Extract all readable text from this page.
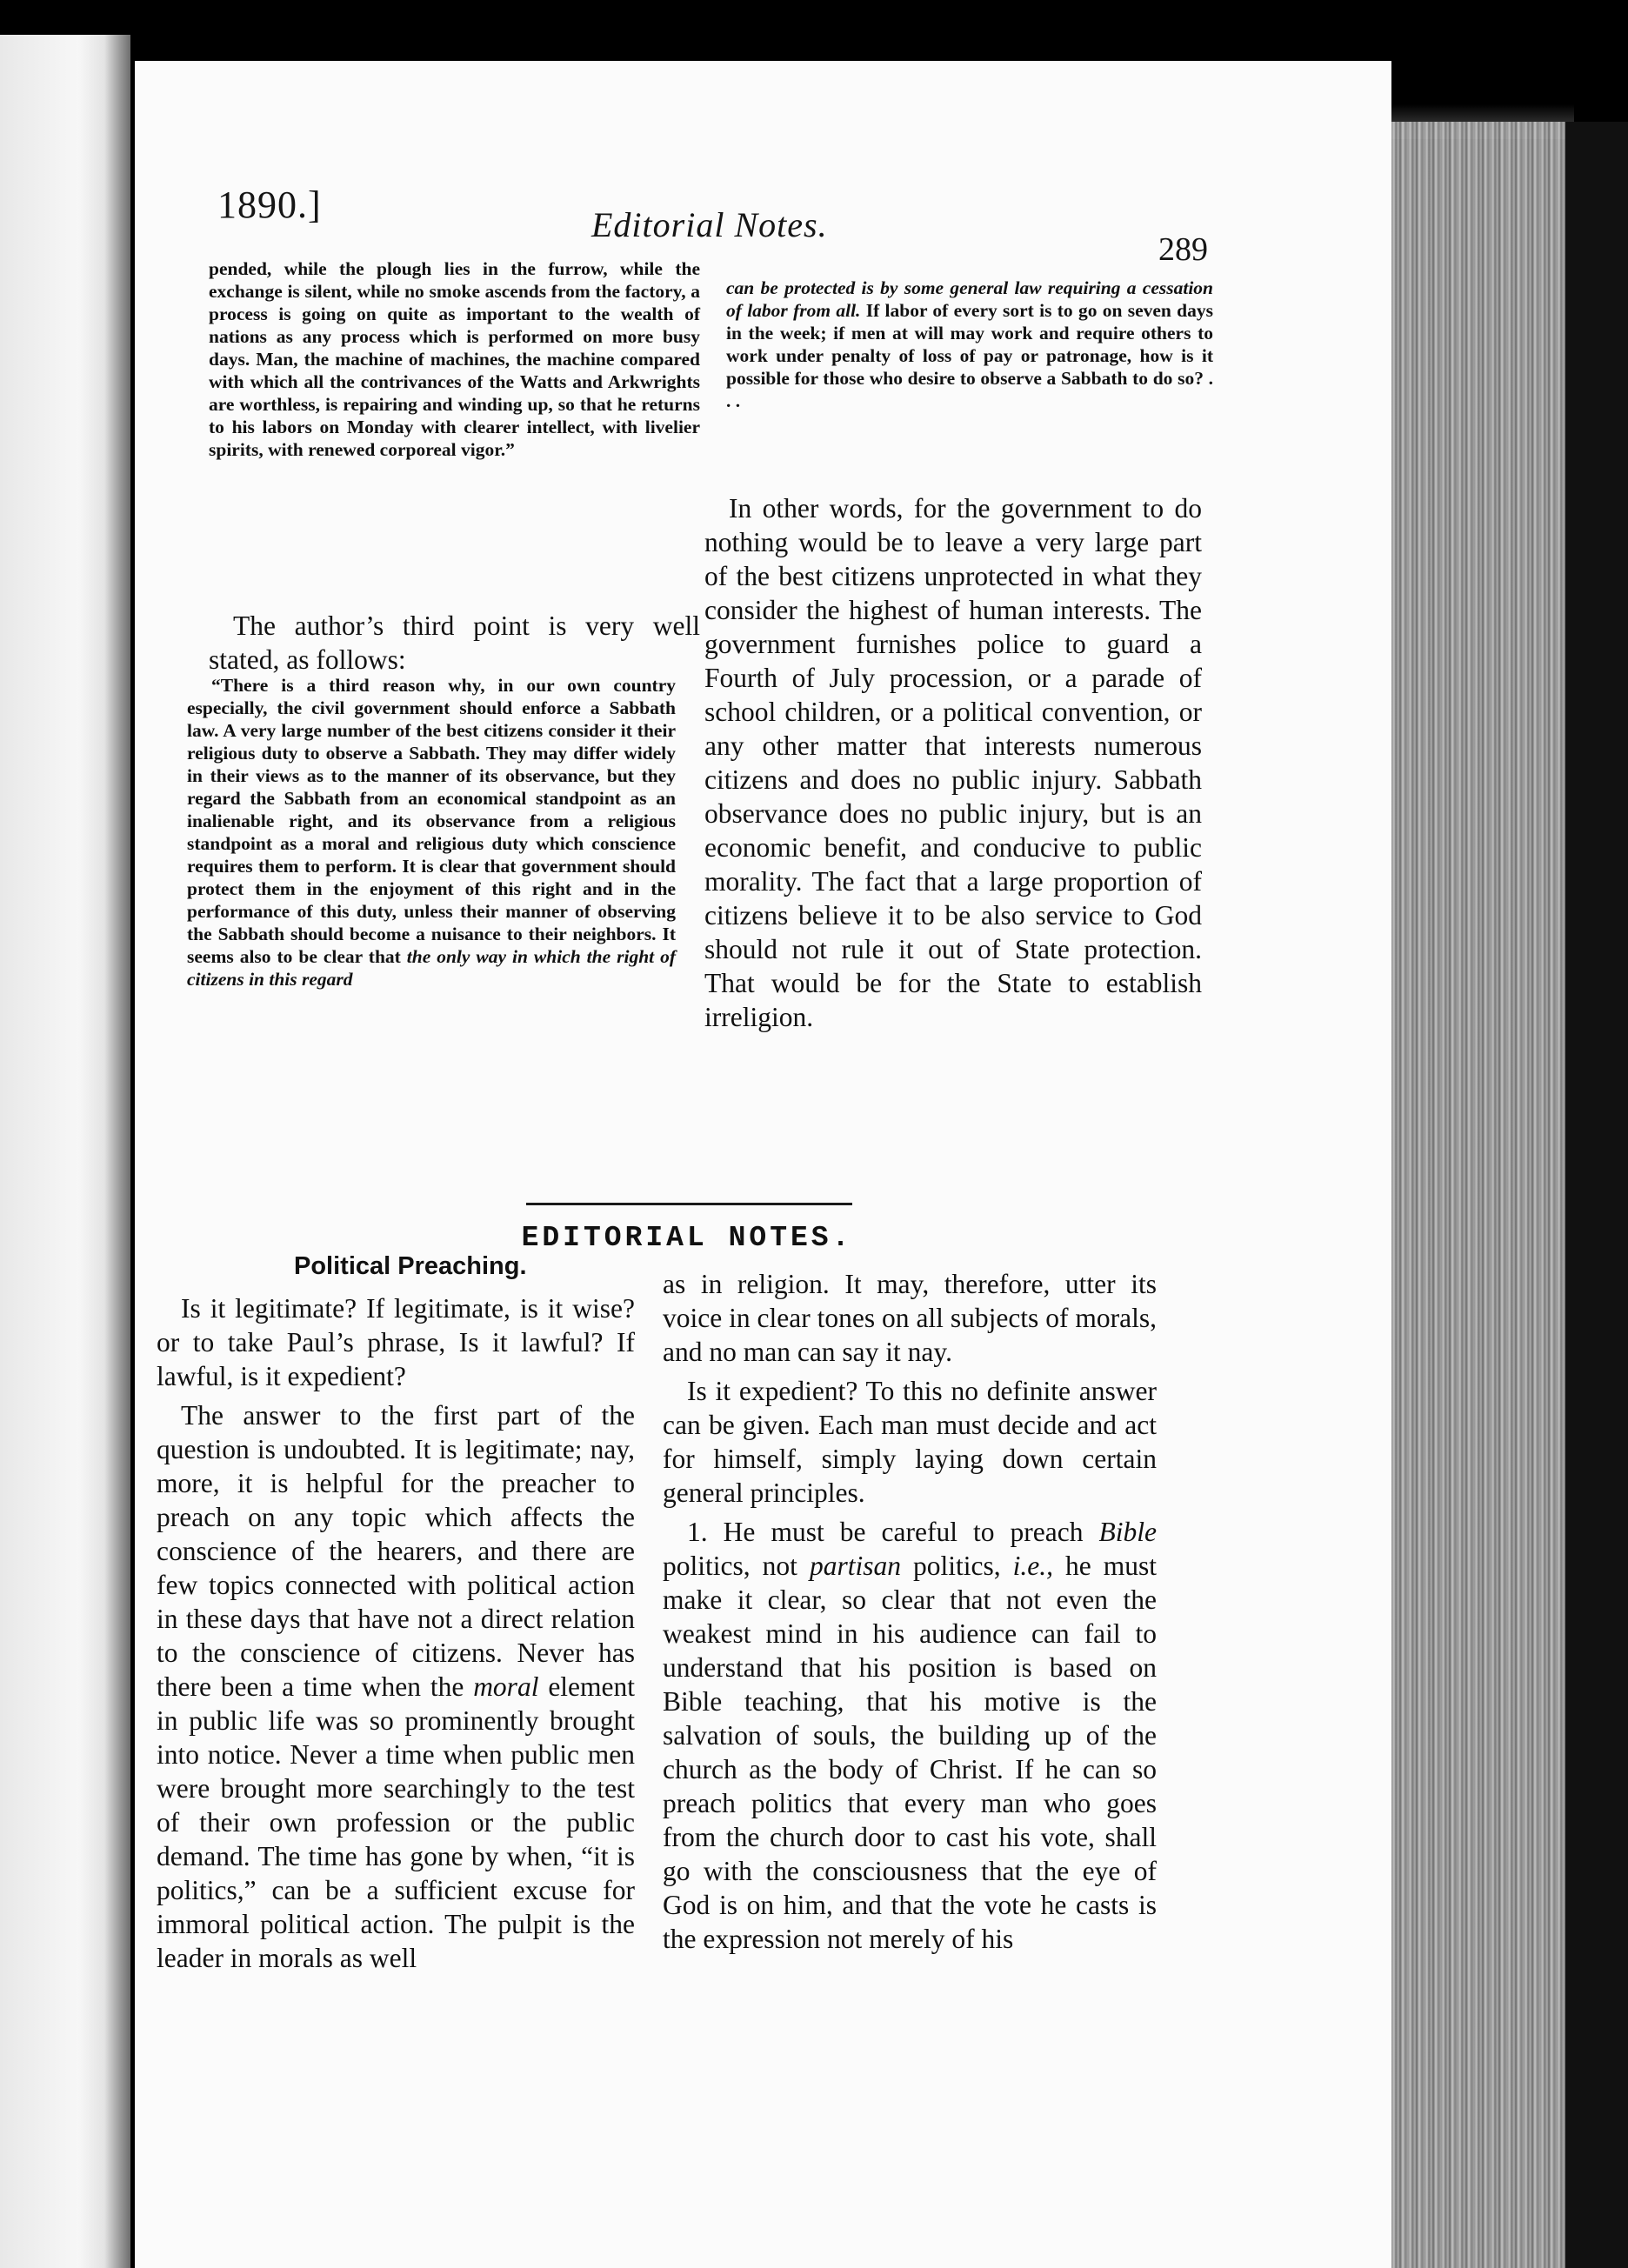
1890.]	Editorial Notes.
289

pended, while the plough lies in the furrow, while the exchange is silent, while no smoke ascends from the factory, a process is going on quite as important to the wealth of nations as any process which is performed on more busy days. Man, the machine of machines, the machine compared with which all the contrivances of the Watts and Arkwrights are worthless, is repairing and winding up, so that he returns to his labors on Monday with clearer intellect, with livelier spirits, with renewed corporeal vigor.”

The author’s third point is very well stated, as follows:

“There is a third reason why, in our own country especially, the civil government should enforce a Sabbath law. A very large number of the best citizens consider it their religious duty to observe a Sabbath. They may differ widely in their views as to the manner of its observance, but they regard the Sabbath from an economical standpoint as an inalienable right, and its observance from a religious standpoint as a moral and religious duty which conscience requires them to perform. It is clear that government should protect them in the enjoyment of this right and in the performance of this duty, unless their manner of observing the Sabbath should become a nuisance to their neighbors. It seems also to be clear that the only way in which the right of citizens in this regard

can be protected is by some general law requiring a cessation of labor from all. If labor of every sort is to go on seven days in the week; if men at will may work and require others to work under penalty of loss of pay or patronage, how is it possible for those who desire to observe a Sabbath to do so? . . .

In other words, for the government to do nothing would be to leave a very large part of the best citizens unprotected in what they consider the highest of human interests. The government furnishes police to guard a Fourth of July procession, or a parade of school children, or a political convention, or any other matter that interests numerous citizens and does no public injury. Sabbath observance does no public injury, but is an economic benefit, and conducive to public morality. The fact that a large proportion of citizens believe it to be also service to God should not rule it out of State protection. That would be for the State to establish irreligion.

EDITORIAL NOTES.
Political Preaching.

Is it legitimate? If legitimate, is it wise? or to take Paul’s phrase, Is it lawful? If lawful, is it expedient?

The answer to the first part of the question is undoubted. It is legitimate; nay, more, it is helpful for the preacher to preach on any topic which affects the conscience of the hearers, and there are few topics connected with political action in these days that have not a direct relation to the conscience of citizens. Never has there been a time when the moral element in public life was so prominently brought into notice. Never a time when public men were brought more searchingly to the test of their own profession or the public demand. The time has gone by when, “it is politics,” can be a sufficient excuse for immoral political action. The pulpit is the leader in morals as well

as in religion. It may, therefore, utter its voice in clear tones on all subjects of morals, and no man can say it nay.

Is it expedient? To this no definite answer can be given. Each man must decide and act for himself, simply laying down certain general principles.

1. He must be careful to preach Bible politics, not partisan politics, i.e., he must make it clear, so clear that not even the weakest mind in his audience can fail to understand that his position is based on Bible teaching, that his motive is the salvation of souls, the building up of the church as the body of Christ. If he can so preach politics that every man who goes from the church door to cast his vote, shall go with the consciousness that the eye of God is on him, and that the vote he casts is the expression not merely of his
